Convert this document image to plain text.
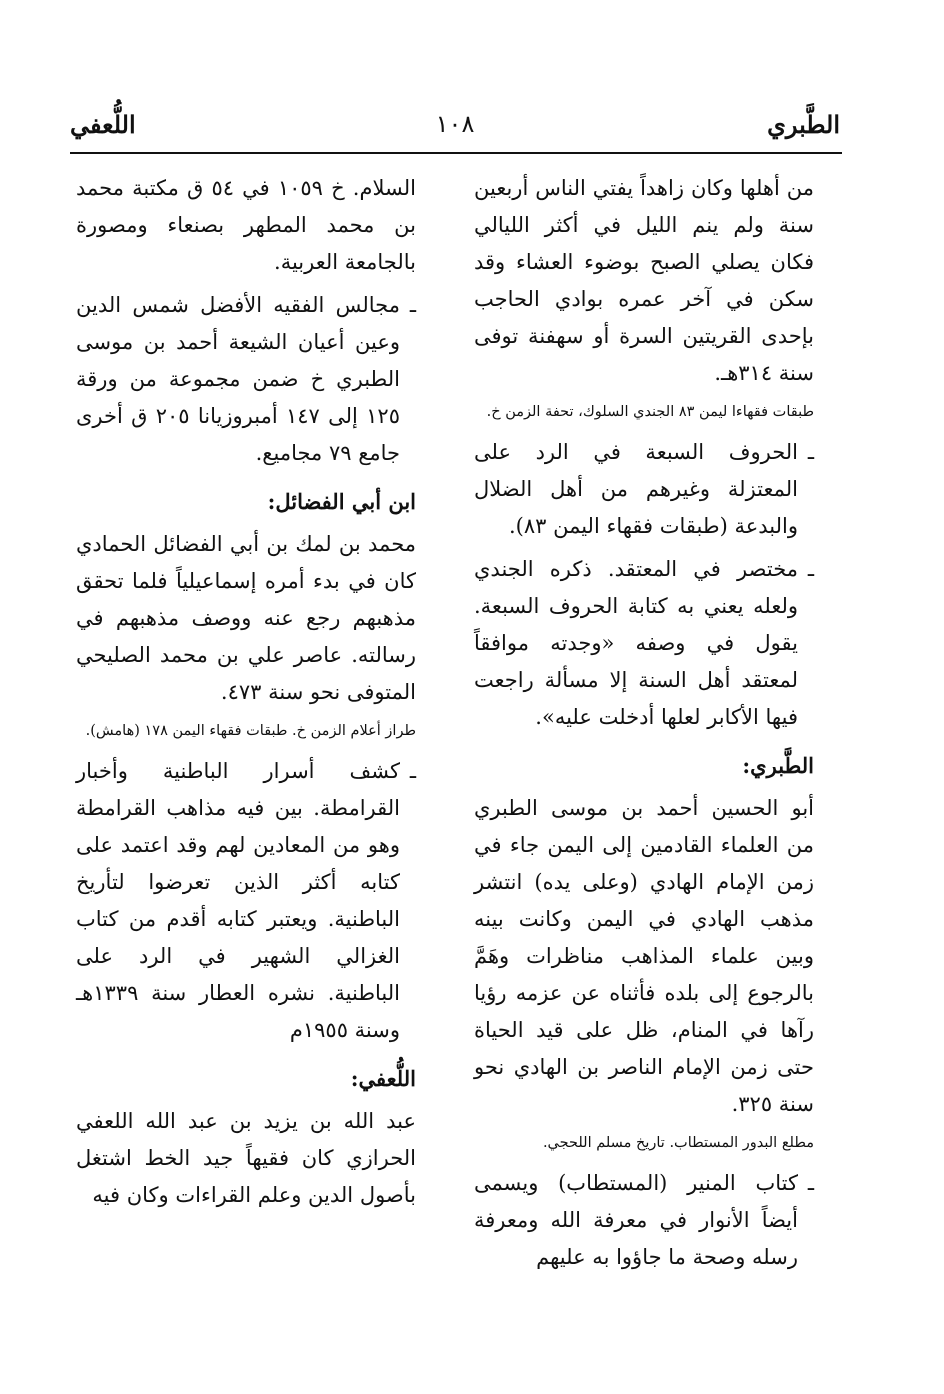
الطَّبري
١٠٨
اللُّعفي

من أهلها وكان زاهداً يفتي الناس أربعين سنة ولم ينم الليل في أكثر الليالي فكان يصلي الصبح بوضوء العشاء وقد سكن في آخر عمره بوادي الحاجب بإحدى القريتين السرة أو سهفنة توفى سنة ٣١٤هـ.

طبقات فقهاءا ليمن ٨٣ الجندي السلوك، تحفة الزمن خ.

ـ
الحروف السبعة في الرد على المعتزلة وغيرهم من أهل الضلال والبدعة (طبقات فقهاء اليمن ٨٣).
ـ
مختصر في المعتقد. ذكره الجندي ولعله يعني به كتابة الحروف السبعة. يقول في وصفه «وجدته موافقاً لمعتقد أهل السنة إلا مسألة راجعت فيها الأكابر لعلها أدخلت عليه».
الطَّبري:

أبو الحسين أحمد بن موسى الطبري من العلماء القادمين إلى اليمن جاء في زمن الإمام الهادي (وعلى يده) انتشر مذهب الهادي في اليمن وكانت بينه وبين علماء المذاهب مناظرات وهَمَّ بالرجوع إلى بلده فأثناه عن عزمه رؤيا رآها في المنام، ظل على قيد الحياة حتى زمن الإمام الناصر بن الهادي نحو سنة ٣٢٥.

مطلع البدور المستطاب. تاريخ مسلم اللحجي.

ـ
كتاب المنير (المستطاب) ويسمى أيضاً الأنوار في معرفة الله ومعرفة رسله وصحة ما جاؤوا به عليهم

السلام. خ ١٠٥٩ في ٥٤ ق مكتبة محمد بن محمد المطهر بصنعاء ومصورة بالجامعة العربية.

ـ
مجالس الفقيه الأفضل شمس الدين وعين أعيان الشيعة أحمد بن موسى الطبري خ ضمن مجموعة من ورقة ١٢٥ إلى ١٤٧ أمبروزيانا ٢٠٥ ق أخرى جامع ٧٩ مجاميع.
ابن أبي الفضائل:

محمد بن لمك بن أبي الفضائل الحمادي كان في بدء أمره إسماعيلياً فلما تحقق مذهبهم رجع عنه ووصف مذهبهم في رسالته. عاصر علي بن محمد الصليحي المتوفى نحو سنة ٤٧٣.

طراز أعلام الزمن خ. طبقات فقهاء اليمن ١٧٨ (هامش).

ـ
كشف أسرار الباطنية وأخبار القرامطة. بين فيه مذاهب القرامطة وهو من المعادين لهم وقد اعتمد على كتابه أكثر الذين تعرضوا لتأريخ الباطنية. ويعتبر كتابه أقدم من كتاب الغزالي الشهير في الرد على الباطنية. نشره العطار سنة ١٣٣٩هـ وسنة ١٩٥٥م
اللُّعفي:

عبد الله بن يزيد بن عبد الله اللعفي الحرازي كان فقيهاً جيد الخط اشتغل بأصول الدين وعلم القراءات وكان فيه
